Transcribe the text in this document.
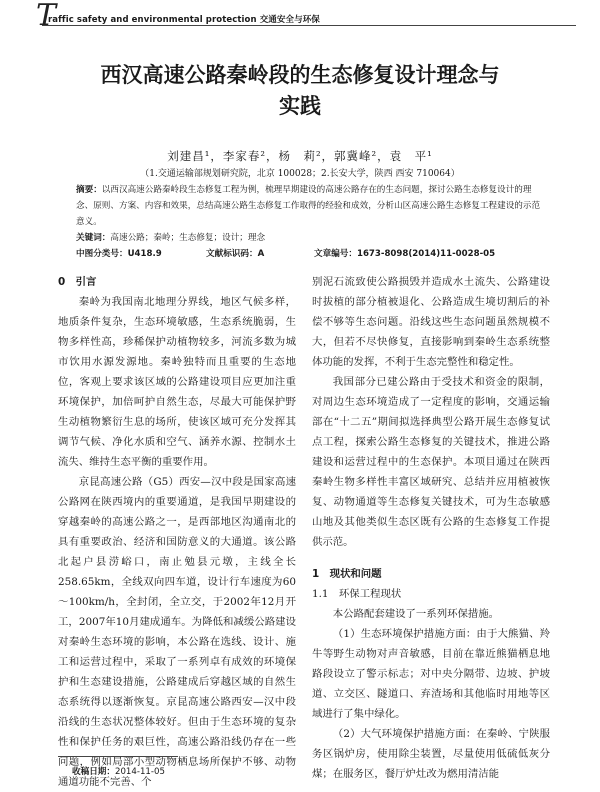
T
raffic safety and environmental protection 交通安全与环保
西汉高速公路秦岭段的生态修复设计理念与
实践
刘建昌¹，李家春²，杨　莉²，郭冀峰²，袁　平¹
（1.交通运输部规划研究院，北京 100028；2.长安大学，陕西 西安 710064）
摘要：以西汉高速公路秦岭段生态修复工程为例，梳理早期建设的高速公路存在的生态问题，探讨公路生态修复设计的理念、原则、方案、内容和效果，总结高速公路生态修复工作取得的经验和成效，分析山区高速公路生态修复工程建设的示范意义。
关键词：高速公路；秦岭；生态修复；设计；理念
中图分类号：U418.9	文献标识码：A	文章编号：1673-8098(2014)11-0028-05
0　引言

秦岭为我国南北地理分界线，地区气候多样，地质条件复杂，生态环境敏感，生态系统脆弱，生物多样性高，珍稀保护动植物较多，河流多数为城市饮用水源发源地。秦岭独特而且重要的生态地位，客观上要求该区域的公路建设项目应更加注重环境保护，加倍呵护自然生态，尽最大可能保护野生动植物繁衍生息的场所，使该区域可充分发挥其调节气候、净化水质和空气、涵养水源、控制水土流失、维持生态平衡的重要作用。

京昆高速公路（G5）西安—汉中段是国家高速公路网在陕西境内的重要通道，是我国早期建设的穿越秦岭的高速公路之一，是西部地区沟通南北的具有重要政治、经济和国防意义的大通道。该公路北起户县涝峪口，南止勉县元墩，主线全长258.65km，全线双向四车道，设计行车速度为60～100km/h，全封闭，全立交，于2002年12月开工，2007年10月建成通车。为降低和减缓公路建设对秦岭生态环境的影响，本公路在选线、设计、施工和运营过程中，采取了一系列卓有成效的环境保护和生态建设措施，公路建成后穿越区域的自然生态系统得以逐渐恢复。京昆高速公路西安—汉中段沿线的生态状况整体较好。但由于生态环境的复杂性和保护任务的艰巨性，高速公路沿线仍存在一些问题，例如局部小型动物栖息场所保护不够、动物通道功能不完善、个

别泥石流致使公路损毁并造成水土流失、公路建设时拔植的部分植被退化、公路造成生境切割后的补偿不够等生态问题。沿线这些生态问题虽然规模不大，但若不尽快修复，直接影响到秦岭生态系统整体功能的发挥，不利于生态完整性和稳定性。

我国部分已建公路由于受技术和资金的限制，对周边生态环境造成了一定程度的影响，交通运输部在“十二五”期间拟选择典型公路开展生态修复试点工程，探索公路生态修复的关键技术，推进公路建设和运营过程中的生态保护。本项目通过在陕西秦岭生物多样性丰富区域研究、总结并应用植被恢复、动物通道等生态修复关键技术，可为生态敏感山地及其他类似生态区既有公路的生态修复工作提供示范。

1　现状和问题
1.1　环保工程现状

本公路配套建设了一系列环保措施。

（1）生态环境保护措施方面：由于大熊猫、羚牛等野生动物对声音敏感，目前在靠近熊猫栖息地路段设立了警示标志；对中央分隔带、边坡、护坡道、立交区、隧道口、弃渣场和其他临时用地等区域进行了集中绿化。

（2）大气环境保护措施方面：在秦岭、宁陕服务区锅炉房，使用除尘装置，尽量使用低硫低灰分煤；在服务区，餐厅炉灶改为燃用清洁能

收稿日期：2014-11-05
